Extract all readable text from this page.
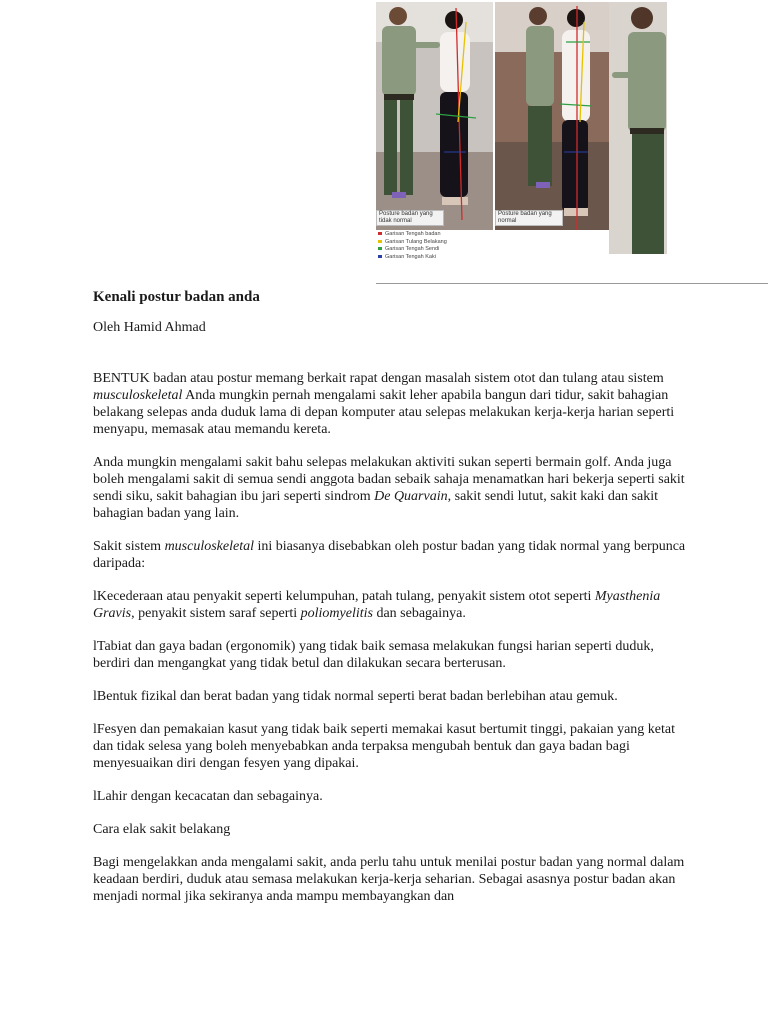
Posture badan yang tidak normal
Posture badan yang normal
Garisan Tengah badan
Garisan Tulang Belakang
Garisan Tengah Sendi
Garisan Tengah Kaki

Kenali postur badan anda

Oleh Hamid Ahmad

BENTUK badan atau postur memang berkait rapat dengan masalah sistem otot dan tulang atau sistem musculoskeletal Anda mungkin pernah mengalami sakit leher apabila bangun dari tidur, sakit bahagian belakang selepas anda duduk lama di depan komputer atau selepas melakukan kerja-kerja harian seperti menyapu, memasak atau memandu kereta.

Anda mungkin mengalami sakit bahu selepas melakukan aktiviti sukan seperti bermain golf. Anda juga boleh mengalami sakit di semua sendi anggota badan sebaik sahaja menamatkan hari bekerja seperti sakit sendi siku, sakit bahagian ibu jari seperti sindrom De Quarvain, sakit sendi lutut, sakit kaki dan sakit bahagian badan yang lain.

Sakit sistem musculoskeletal ini biasanya disebabkan oleh postur badan yang tidak normal yang berpunca daripada:

lKecederaan atau penyakit seperti kelumpuhan, patah tulang, penyakit sistem otot seperti Myasthenia Gravis, penyakit sistem saraf seperti poliomyelitis dan sebagainya.

lTabiat dan gaya badan (ergonomik) yang tidak baik semasa melakukan fungsi harian seperti duduk, berdiri dan mengangkat yang tidak betul dan dilakukan secara berterusan.

lBentuk fizikal dan berat badan yang tidak normal seperti berat badan berlebihan atau gemuk.

lFesyen dan pemakaian kasut yang tidak baik seperti memakai kasut bertumit tinggi, pakaian yang ketat dan tidak selesa yang boleh menyebabkan anda terpaksa mengubah bentuk dan gaya badan bagi menyesuaikan diri dengan fesyen yang dipakai.

lLahir dengan kecacatan dan sebagainya.

Cara elak sakit belakang

Bagi mengelakkan anda mengalami sakit, anda perlu tahu untuk menilai postur badan yang normal dalam keadaan berdiri, duduk atau semasa melakukan kerja-kerja seharian. Sebagai asasnya postur badan akan menjadi normal jika sekiranya anda mampu membayangkan dan
